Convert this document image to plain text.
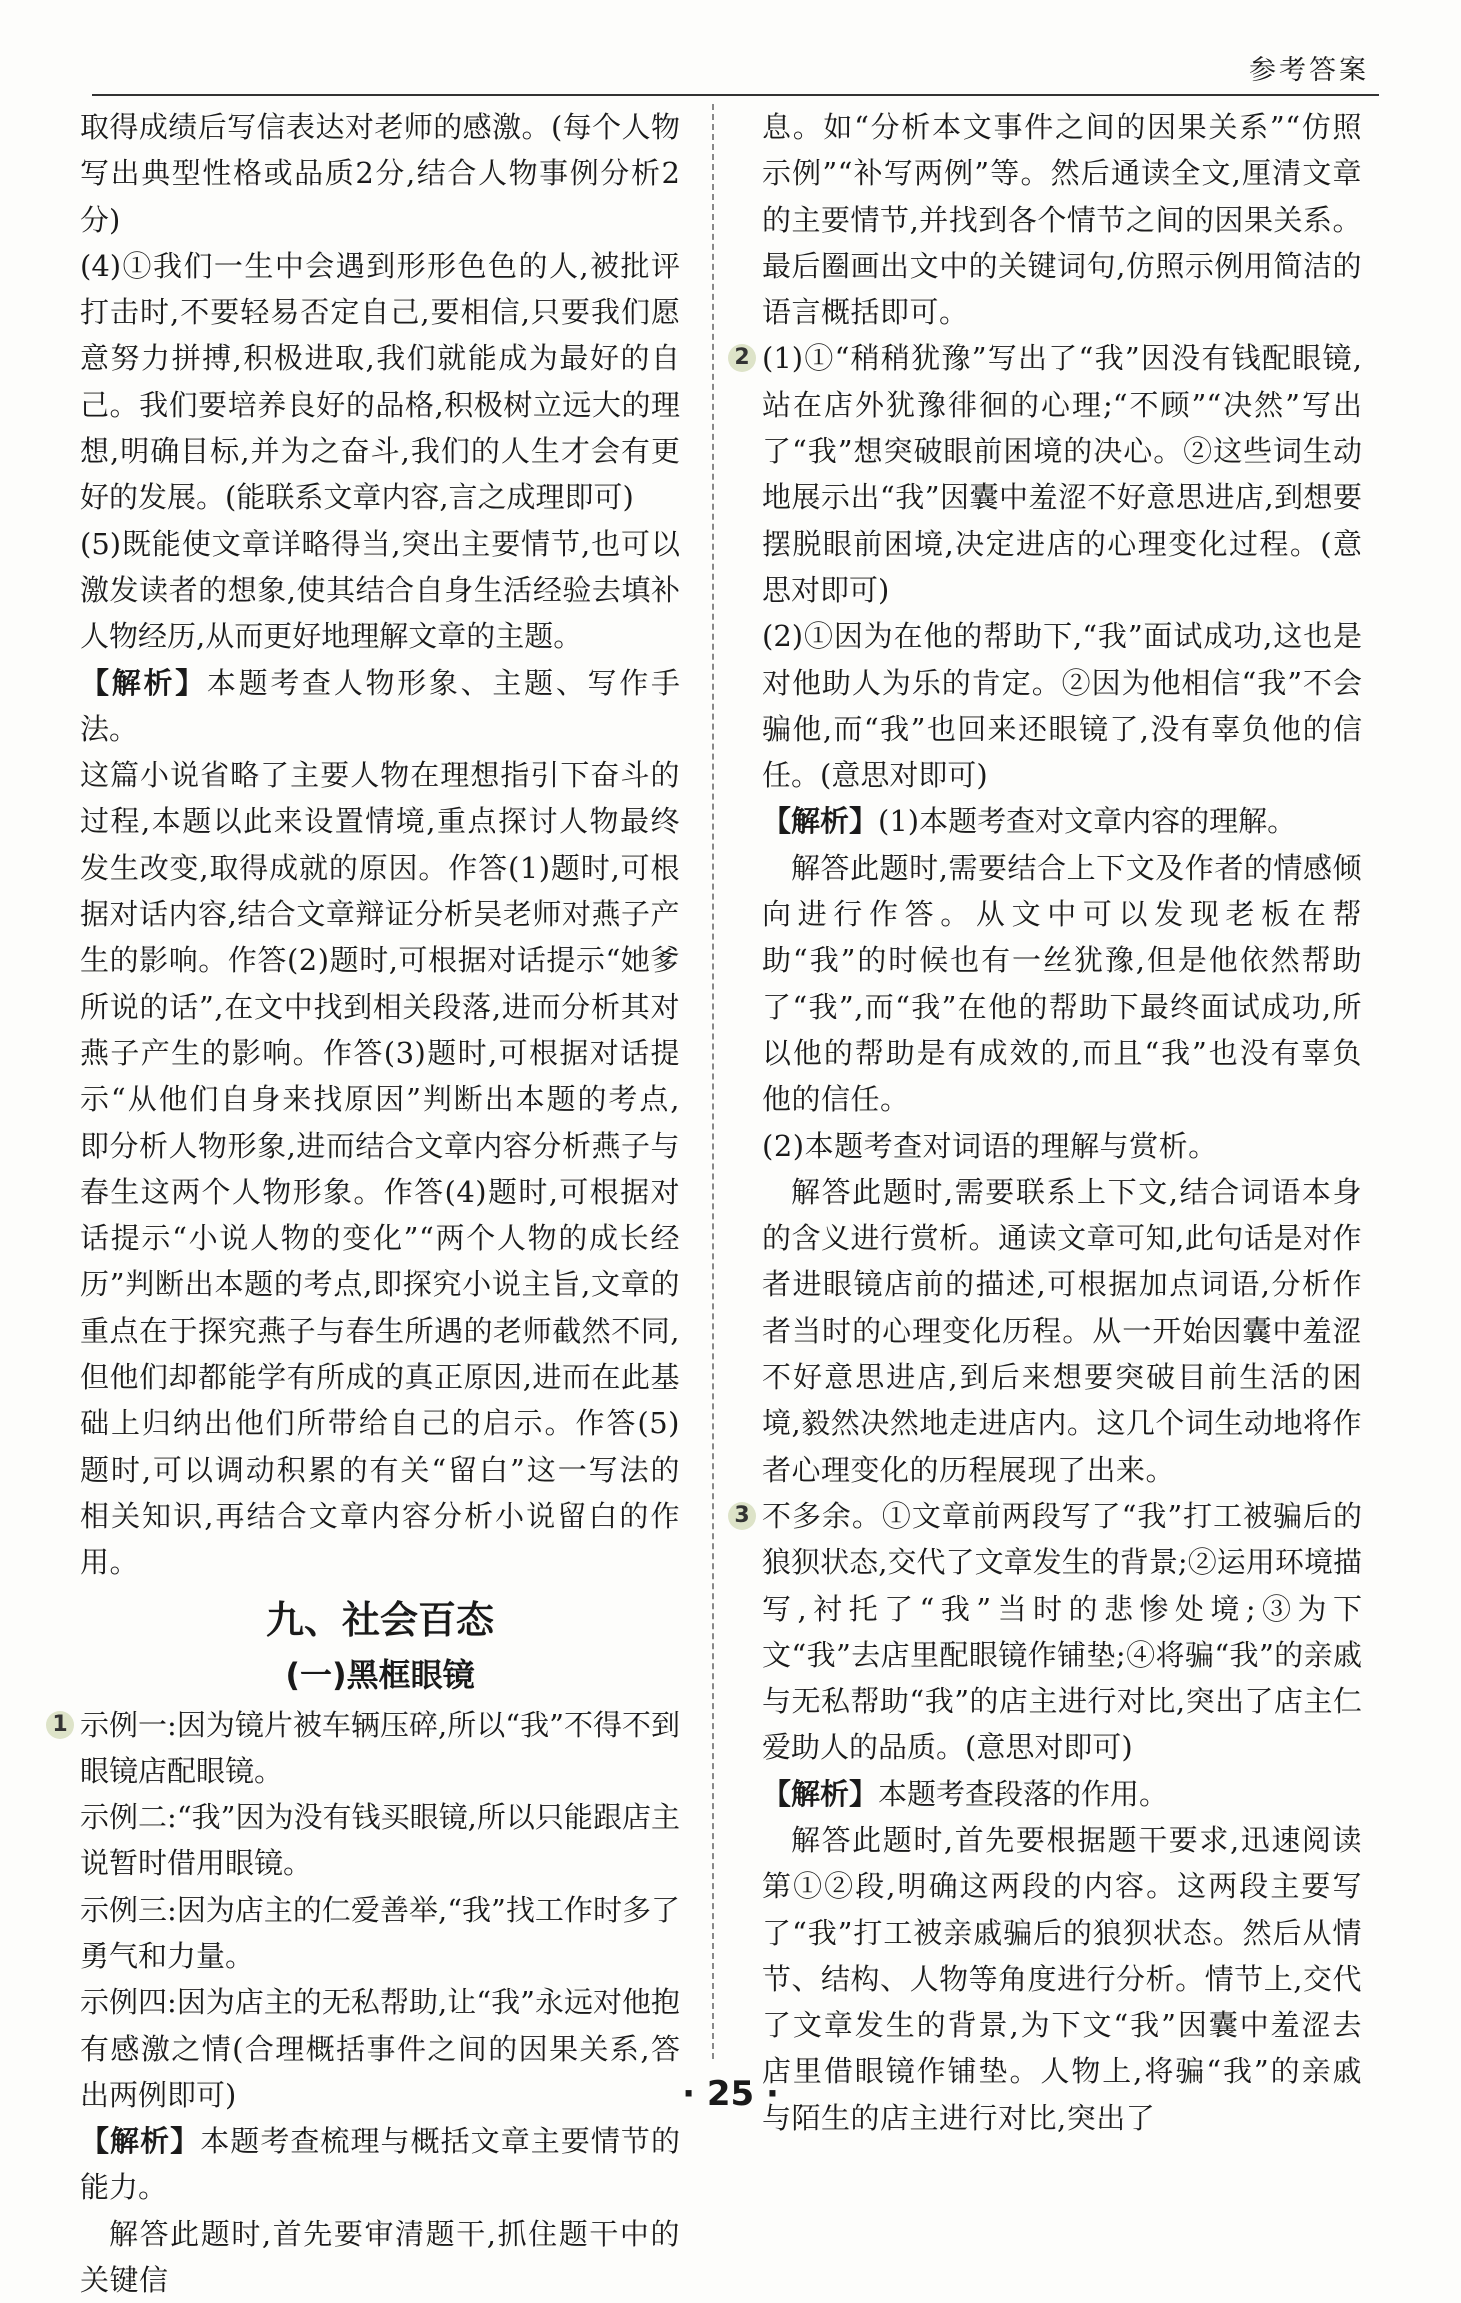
参考答案

取得成绩后写信表达对老师的感激。(每个人物写出典型性格或品质2分,结合人物事例分析2分)

(4)①我们一生中会遇到形形色色的人,被批评打击时,不要轻易否定自己,要相信,只要我们愿意努力拼搏,积极进取,我们就能成为最好的自己。我们要培养良好的品格,积极树立远大的理想,明确目标,并为之奋斗,我们的人生才会有更好的发展。(能联系文章内容,言之成理即可)

(5)既能使文章详略得当,突出主要情节,也可以激发读者的想象,使其结合自身生活经验去填补人物经历,从而更好地理解文章的主题。

【解析】本题考查人物形象、主题、写作手法。

这篇小说省略了主要人物在理想指引下奋斗的过程,本题以此来设置情境,重点探讨人物最终发生改变,取得成就的原因。作答(1)题时,可根据对话内容,结合文章辩证分析吴老师对燕子产生的影响。作答(2)题时,可根据对话提示“她爹所说的话”,在文中找到相关段落,进而分析其对燕子产生的影响。作答(3)题时,可根据对话提示“从他们自身来找原因”判断出本题的考点,即分析人物形象,进而结合文章内容分析燕子与春生这两个人物形象。作答(4)题时,可根据对话提示“小说人物的变化”“两个人物的成长经历”判断出本题的考点,即探究小说主旨,文章的重点在于探究燕子与春生所遇的老师截然不同,但他们却都能学有所成的真正原因,进而在此基础上归纳出他们所带给自己的启示。作答(5)题时,可以调动积累的有关“留白”这一写法的相关知识,再结合文章内容分析小说留白的作用。

九、社会百态
(一)黑框眼镜
1 示例一:因为镜片被车辆压碎,所以“我”不得不到眼镜店配眼镜。

示例二:“我”因为没有钱买眼镜,所以只能跟店主说暂时借用眼镜。

示例三:因为店主的仁爱善举,“我”找工作时多了勇气和力量。

示例四:因为店主的无私帮助,让“我”永远对他抱有感激之情(合理概括事件之间的因果关系,答出两例即可)

【解析】本题考查梳理与概括文章主要情节的能力。

解答此题时,首先要审清题干,抓住题干中的关键信

息。如“分析本文事件之间的因果关系”“仿照示例”“补写两例”等。然后通读全文,厘清文章的主要情节,并找到各个情节之间的因果关系。最后圈画出文中的关键词句,仿照示例用简洁的语言概括即可。

2 (1)①“稍稍犹豫”写出了“我”因没有钱配眼镜,站在店外犹豫徘徊的心理;“不顾”“决然”写出了“我”想突破眼前困境的决心。②这些词生动地展示出“我”因囊中羞涩不好意思进店,到想要摆脱眼前困境,决定进店的心理变化过程。(意思对即可)

(2)①因为在他的帮助下,“我”面试成功,这也是对他助人为乐的肯定。②因为他相信“我”不会骗他,而“我”也回来还眼镜了,没有辜负他的信任。(意思对即可)

【解析】(1)本题考查对文章内容的理解。

解答此题时,需要结合上下文及作者的情感倾向进行作答。从文中可以发现老板在帮助“我”的时候也有一丝犹豫,但是他依然帮助了“我”,而“我”在他的帮助下最终面试成功,所以他的帮助是有成效的,而且“我”也没有辜负他的信任。

(2)本题考查对词语的理解与赏析。

解答此题时,需要联系上下文,结合词语本身的含义进行赏析。通读文章可知,此句话是对作者进眼镜店前的描述,可根据加点词语,分析作者当时的心理变化历程。从一开始因囊中羞涩不好意思进店,到后来想要突破目前生活的困境,毅然决然地走进店内。这几个词生动地将作者心理变化的历程展现了出来。

3 不多余。①文章前两段写了“我”打工被骗后的狼狈状态,交代了文章发生的背景;②运用环境描写,衬托了“我”当时的悲惨处境;③为下文“我”去店里配眼镜作铺垫;④将骗“我”的亲戚与无私帮助“我”的店主进行对比,突出了店主仁爱助人的品质。(意思对即可)

【解析】本题考查段落的作用。

解答此题时,首先要根据题干要求,迅速阅读第①②段,明确这两段的内容。这两段主要写了“我”打工被亲戚骗后的狼狈状态。然后从情节、结构、人物等角度进行分析。情节上,交代了文章发生的背景,为下文“我”因囊中羞涩去店里借眼镜作铺垫。人物上,将骗“我”的亲戚与陌生的店主进行对比,突出了

· 25 ·
